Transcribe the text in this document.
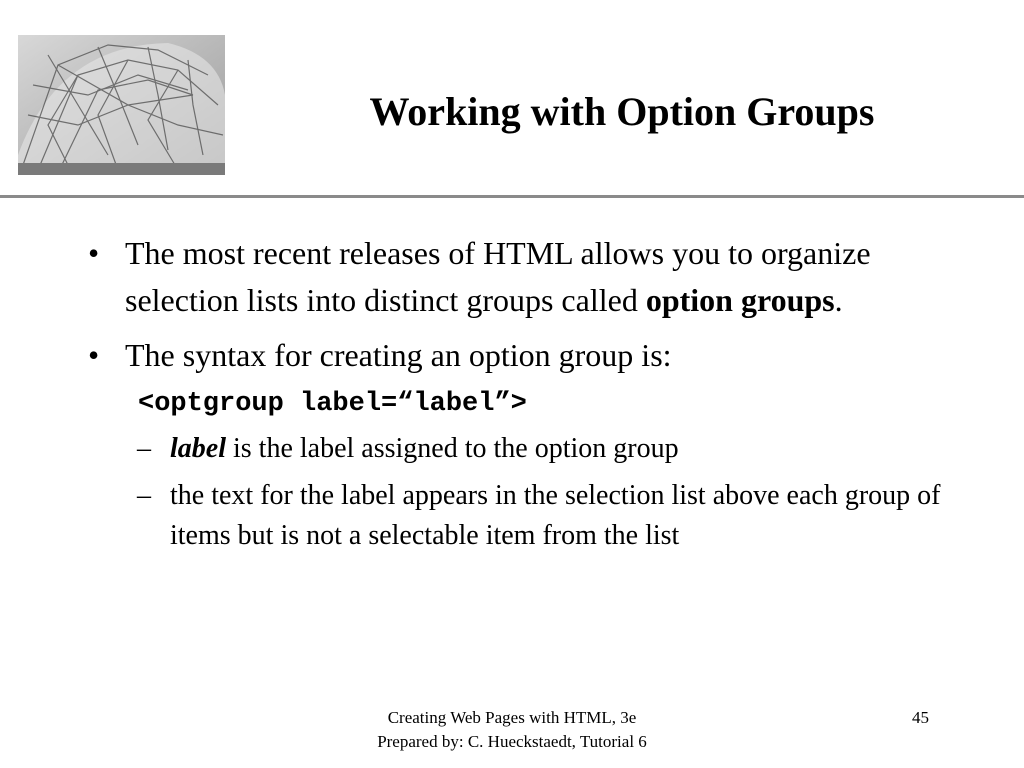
Working with Option Groups
• The most recent releases of HTML allows you to organize selection lists into distinct groups called option groups.
• The syntax for creating an option group is:
<optgroup label=“label”>
– label is the label assigned to the option group
– the text for the label appears in the selection list above each group of items but is not a selectable item from the list
Creating Web Pages with HTML, 3e
Prepared by: C. Hueckstaedt, Tutorial 6
45
